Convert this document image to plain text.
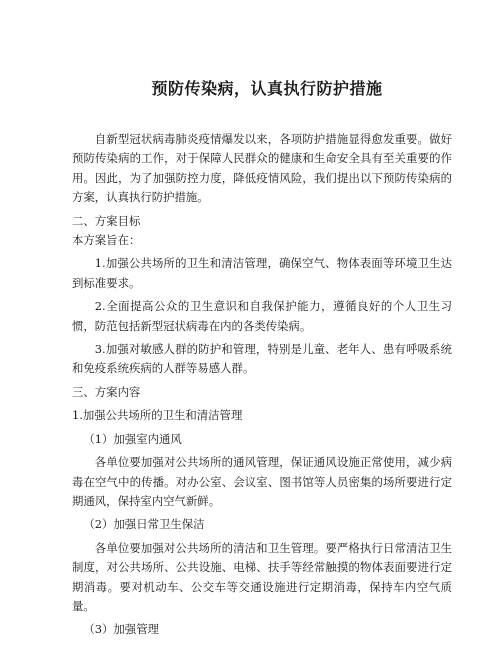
预防传染病，认真执行防护措施

自新型冠状病毒肺炎疫情爆发以来，各项防护措施显得愈发重要。做好预防传染病的工作，对于保障人民群众的健康和生命安全具有至关重要的作用。因此，为了加强防控力度，降低疫情风险，我们提出以下预防传染病的方案，认真执行防护措施。

二、方案目标

本方案旨在：

1.加强公共场所的卫生和清洁管理，确保空气、物体表面等环境卫生达到标准要求。

2.全面提高公众的卫生意识和自我保护能力，遵循良好的个人卫生习惯，防范包括新型冠状病毒在内的各类传染病。

3.加强对敏感人群的防护和管理，特别是儿童、老年人、患有呼吸系统和免疫系统疾病的人群等易感人群。

三、方案内容

1.加强公共场所的卫生和清洁管理

（1）加强室内通风

各单位要加强对公共场所的通风管理，保证通风设施正常使用，减少病毒在空气中的传播。对办公室、会议室、图书馆等人员密集的场所要进行定期通风，保持室内空气新鲜。

（2）加强日常卫生保洁

各单位要加强对公共场所的清洁和卫生管理。要严格执行日常清洁卫生制度，对公共场所、公共设施、电梯、扶手等经常触摸的物体表面要进行定期消毒。要对机动车、公交车等交通设施进行定期消毒，保持车内空气质量。

（3）加强管理
